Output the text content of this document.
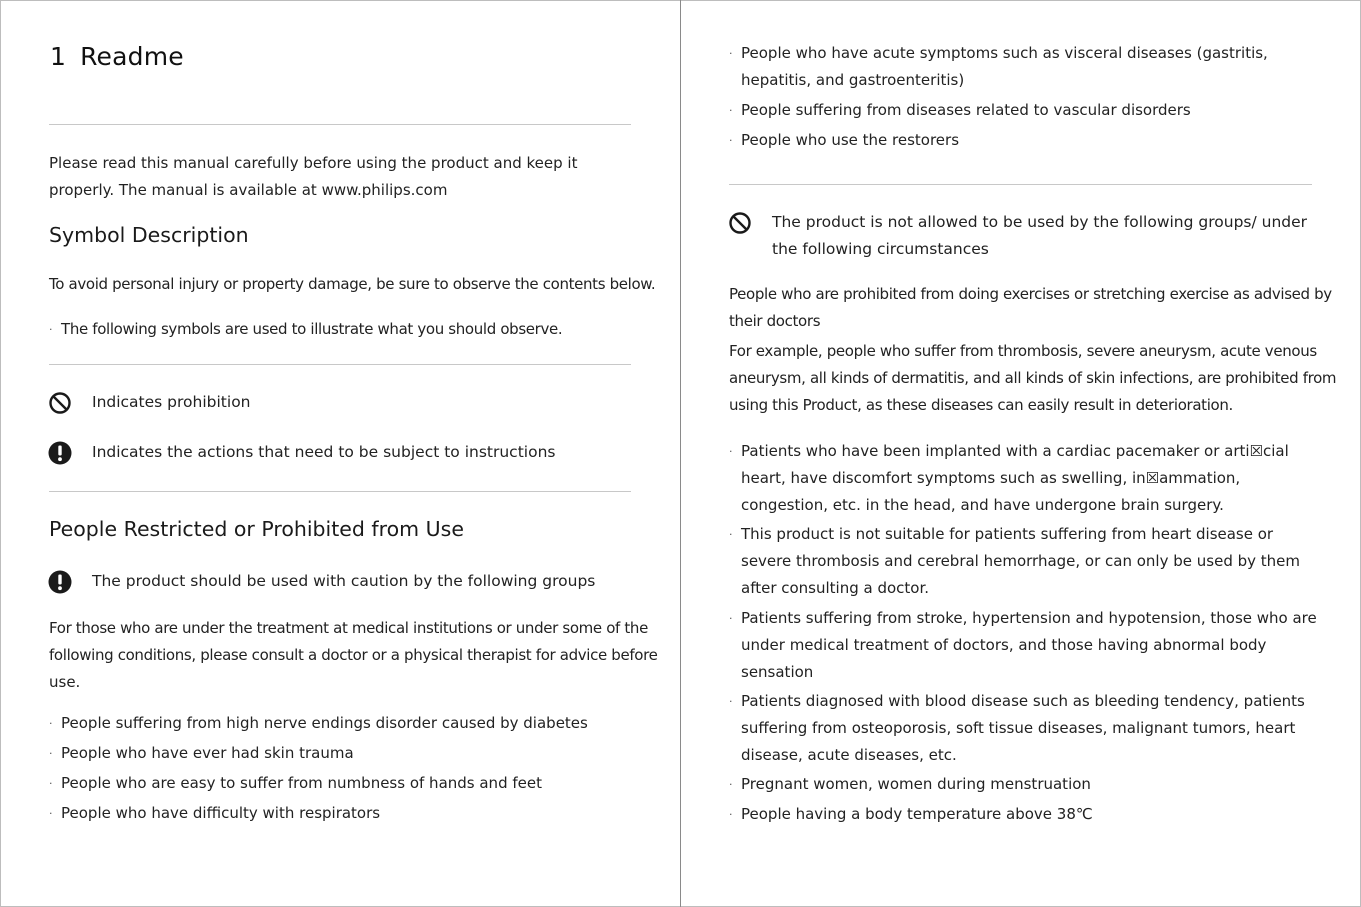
1 Readme
Please read this manual carefully before using the product and keep it
properly. The manual is available at www.philips.com
Symbol Description
To avoid personal injury or property damage, be sure to observe the contents below.
· The following symbols are used to illustrate what you should observe.
Indicates prohibition
Indicates the actions that need to be subject to instructions
People Restricted or Prohibited from Use
The product should be used with caution by the following groups
For those who are under the treatment at medical institutions or under some of the
following conditions, please consult a doctor or a physical therapist for advice before
use.
· People suffering from high nerve endings disorder caused by diabetes
· People who have ever had skin trauma
· People who are easy to suffer from numbness of hands and feet
· People who have difficulty with respirators
· People who have acute symptoms such as visceral diseases (gastritis,
hepatitis, and gastroenteritis)
· People suffering from diseases related to vascular disorders
· People who use the restorers
The product is not allowed to be used by the following groups/ under
the following circumstances
People who are prohibited from doing exercises or stretching exercise as advised by
their doctors
For example, people who suffer from thrombosis, severe aneurysm, acute venous
aneurysm, all kinds of dermatitis, and all kinds of skin infections, are prohibited from
using this Product, as these diseases can easily result in deterioration.
· Patients who have been implanted with a cardiac pacemaker or arti☒cial
heart, have discomfort symptoms such as swelling, in☒ammation,
congestion, etc. in the head, and have undergone brain surgery.
· This product is not suitable for patients suffering from heart disease or
severe thrombosis and cerebral hemorrhage, or can only be used by them
after consulting a doctor.
· Patients suffering from stroke, hypertension and hypotension, those who are
under medical treatment of doctors, and those having abnormal body
sensation
· Patients diagnosed with blood disease such as bleeding tendency, patients
suffering from osteoporosis, soft tissue diseases, malignant tumors, heart
disease, acute diseases, etc.
· Pregnant women, women during menstruation
· People having a body temperature above 38℃
